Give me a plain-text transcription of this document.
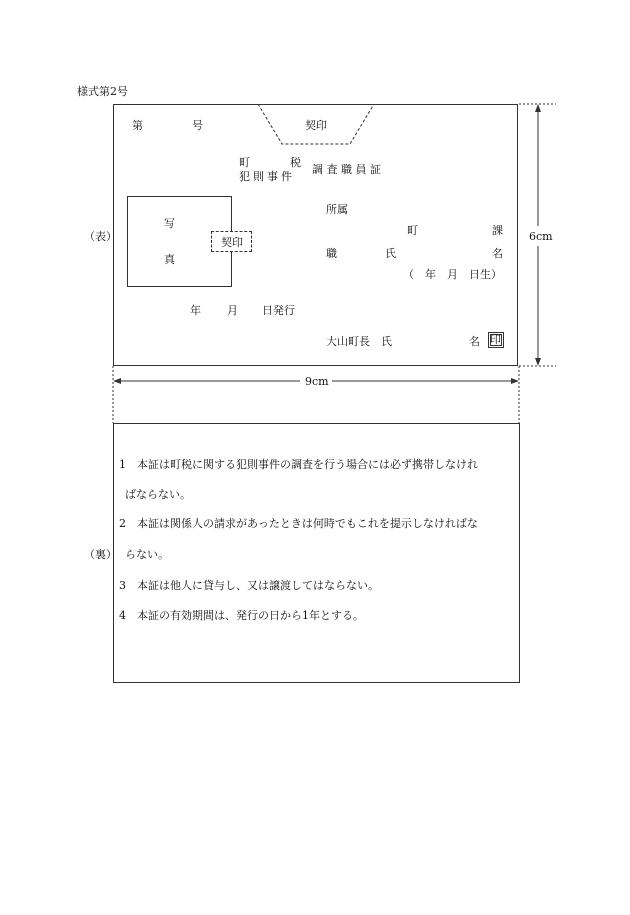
様式第2号
（表）
（裏）
6cm
9cm
第	号	契印
町	税
犯則事件
調査職員証
写
真
契印
所属
町	課
職	氏	名
（　年　月　日生）
年 月 日発行
大山町長　氏	名 印
1　本証は町税に関する犯則事件の調査を行う場合には必ず携帯しなけれ
ばならない。
2　本証は関係人の請求があったときは何時でもこれを提示しなければな
らない。
3　本証は他人に貸与し、又は譲渡してはならない。
4　本証の有効期間は、発行の日から1年とする。
